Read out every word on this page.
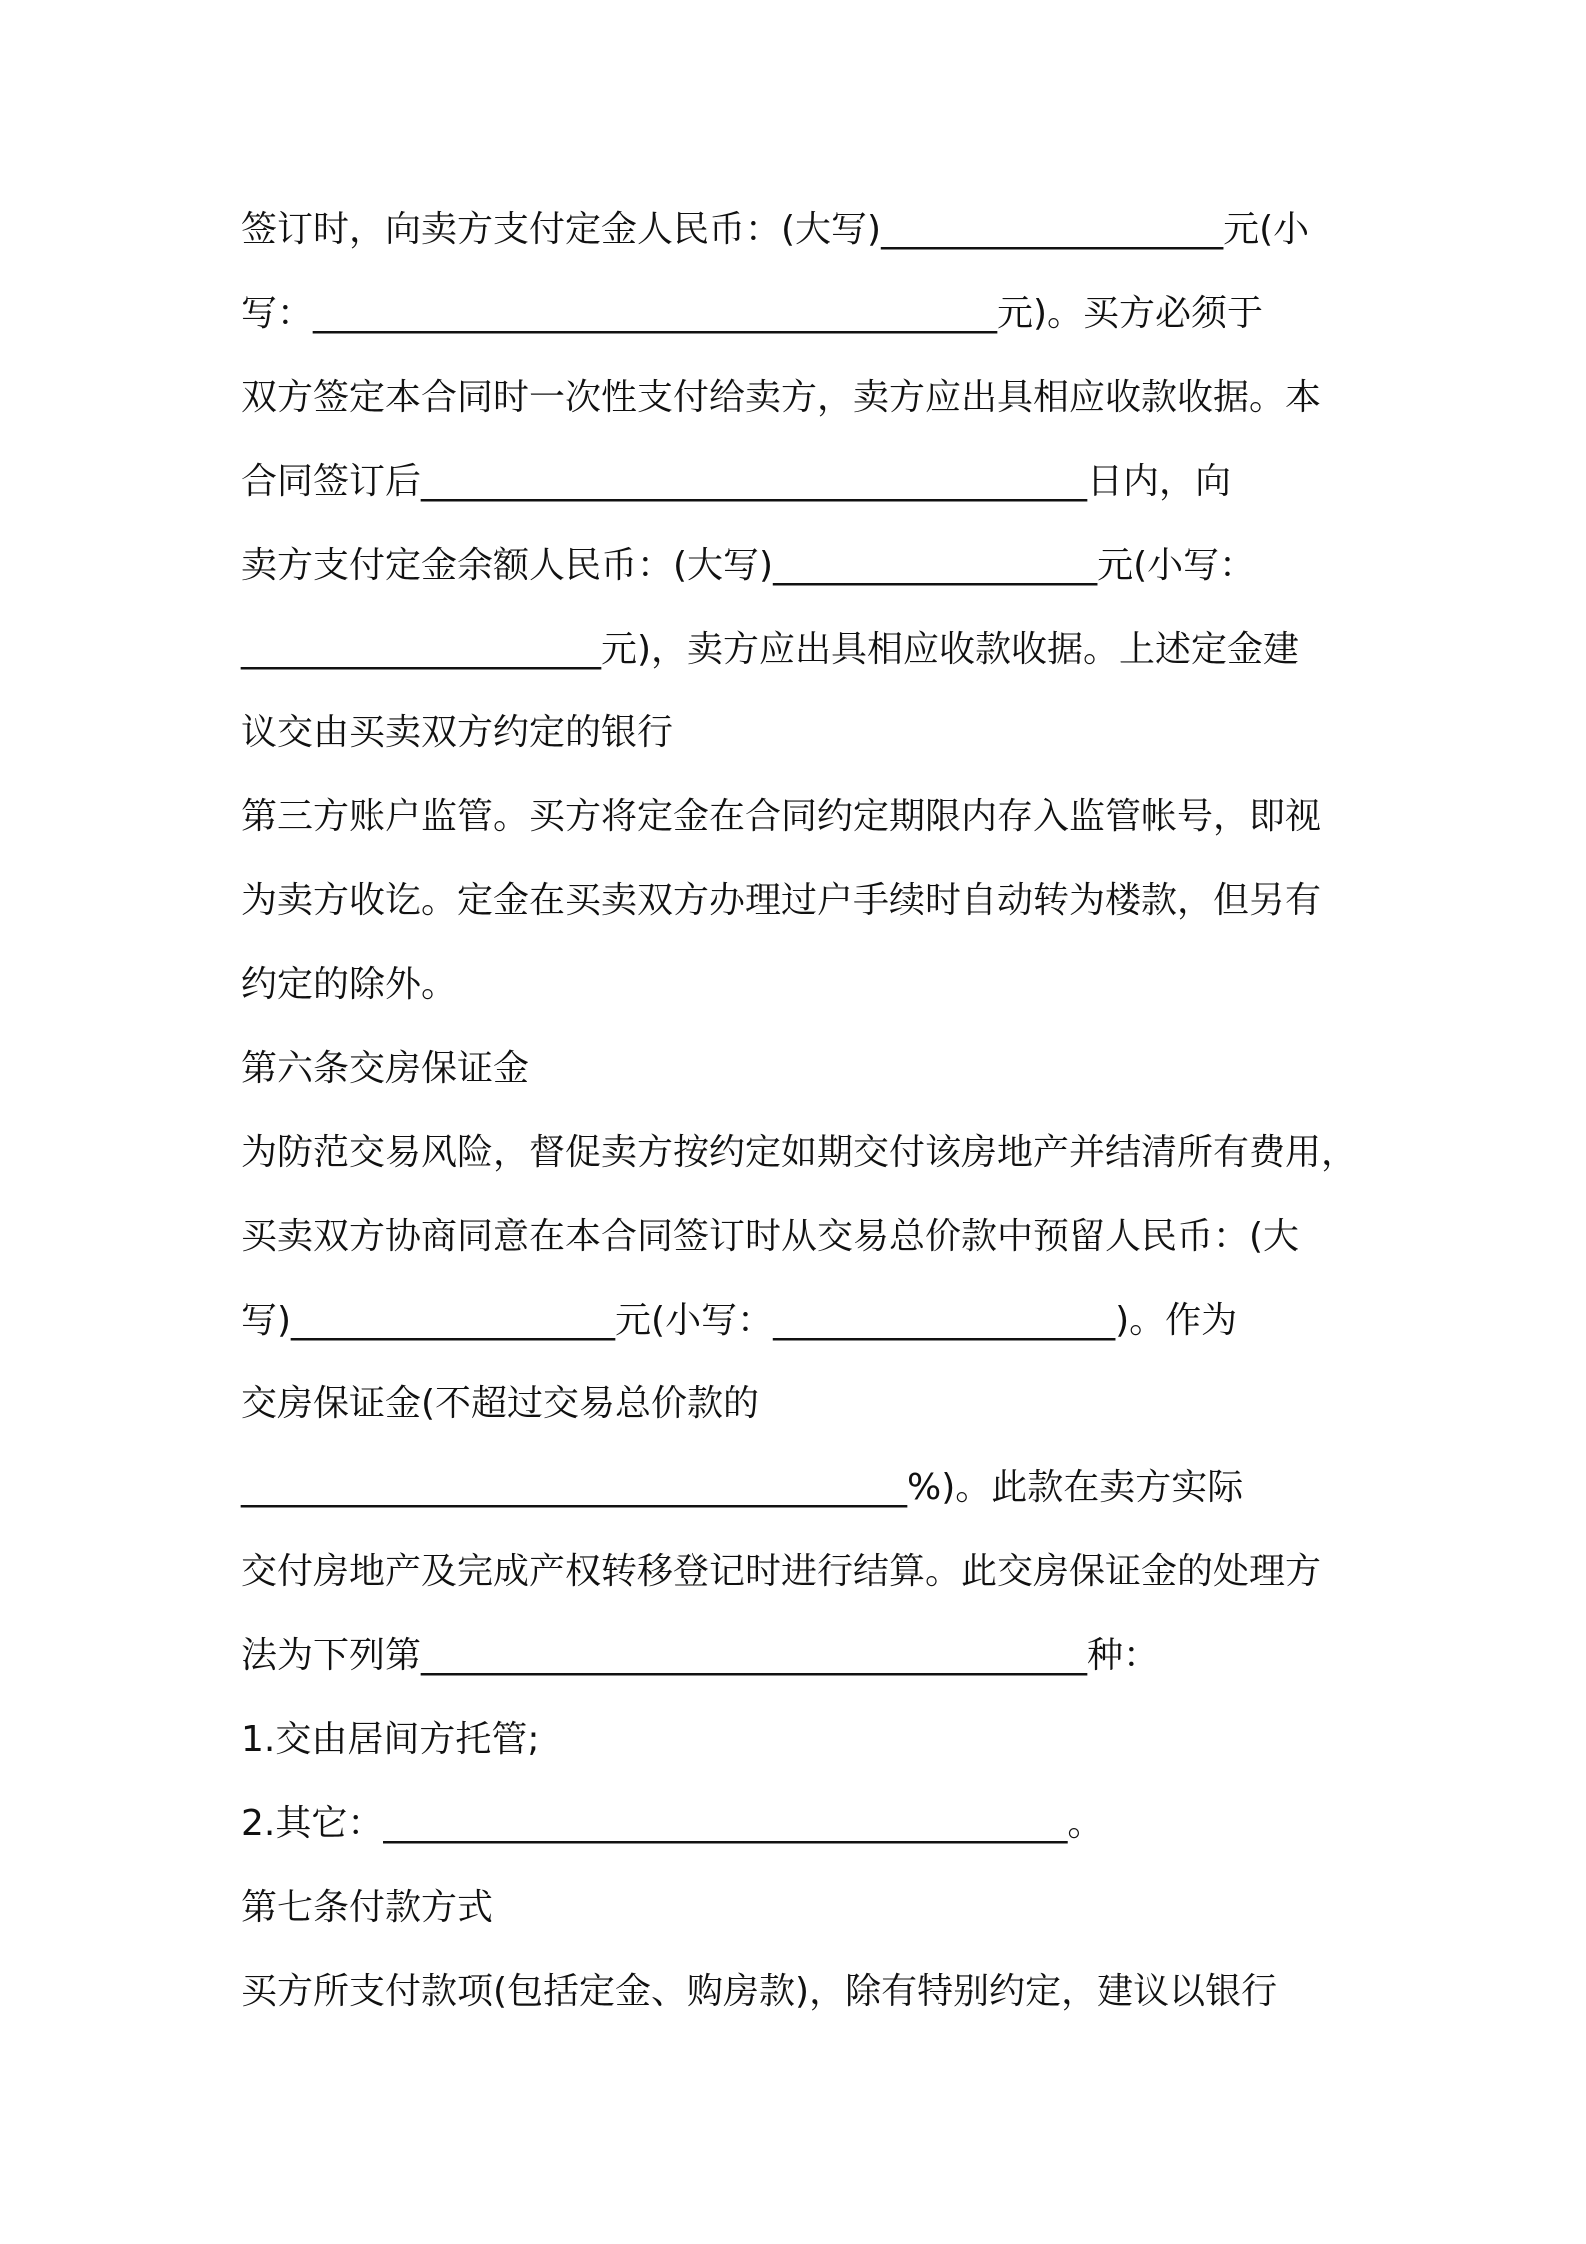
签订时，向卖方支付定金人民币：(大写)___________________元(小

写：______________________________________元)。买方必须于

双方签定本合同时一次性支付给卖方，卖方应出具相应收款收据。本

合同签订后_____________________________________日内，向

卖方支付定金余额人民币：(大写)__________________元(小写：

____________________元)，卖方应出具相应收款收据。上述定金建

议交由买卖双方约定的银行

第三方账户监管。买方将定金在合同约定期限内存入监管帐号，即视

为卖方收讫。定金在买卖双方办理过户手续时自动转为楼款，但另有

约定的除外。

第六条交房保证金

为防范交易风险，督促卖方按约定如期交付该房地产并结清所有费用，

买卖双方协商同意在本合同签订时从交易总价款中预留人民币：(大

写)__________________元(小写：___________________)。作为

交房保证金(不超过交易总价款的

_____________________________________%)。此款在卖方实际

交付房地产及完成产权转移登记时进行结算。此交房保证金的处理方

法为下列第_____________________________________种：

1.交由居间方托管;

2.其它：______________________________________。

第七条付款方式

买方所支付款项(包括定金、购房款)，除有特别约定，建议以银行
